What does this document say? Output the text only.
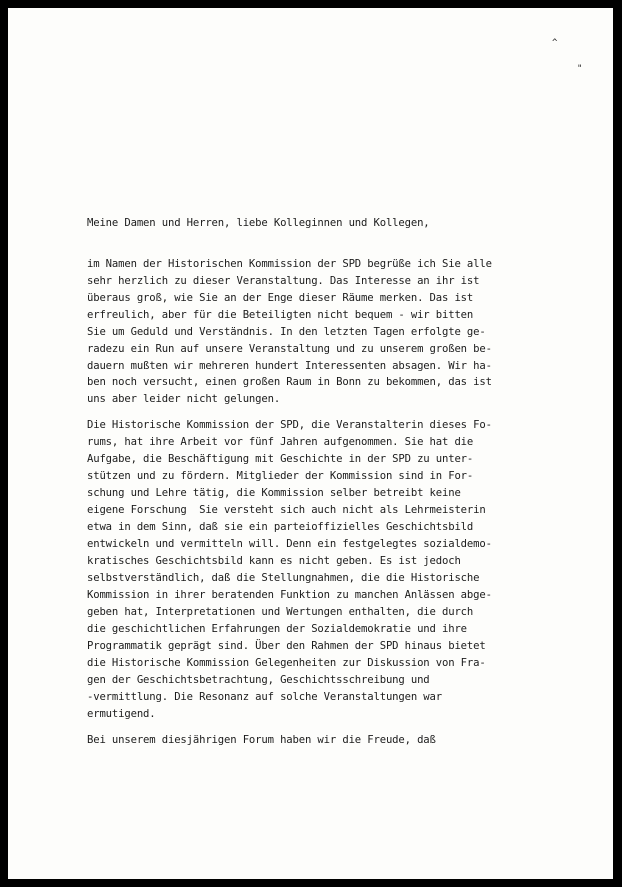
^
"
Meine Damen und Herren, liebe Kolleginnen und Kollegen,
im Namen der Historischen Kommission der SPD begrüße ich Sie alle
sehr herzlich zu dieser Veranstaltung. Das Interesse an ihr ist
überaus groß, wie Sie an der Enge dieser Räume merken. Das ist
erfreulich, aber für die Beteiligten nicht bequem - wir bitten
Sie um Geduld und Verständnis. In den letzten Tagen erfolgte ge-
radezu ein Run auf unsere Veranstaltung und zu unserem großen be-
dauern mußten wir mehreren hundert Interessenten absagen. Wir ha-
ben noch versucht, einen großen Raum in Bonn zu bekommen, das ist
uns aber leider nicht gelungen.
Die Historische Kommission der SPD, die Veranstalterin dieses Fo-
rums, hat ihre Arbeit vor fünf Jahren aufgenommen. Sie hat die
Aufgabe, die Beschäftigung mit Geschichte in der SPD zu unter-
stützen und zu fördern. Mitglieder der Kommission sind in For-
schung und Lehre tätig, die Kommission selber betreibt keine
eigene Forschung  Sie versteht sich auch nicht als Lehrmeisterin
etwa in dem Sinn, daß sie ein parteioffizielles Geschichtsbild
entwickeln und vermitteln will. Denn ein festgelegtes sozialdemo-
kratisches Geschichtsbild kann es nicht geben. Es ist jedoch
selbstverständlich, daß die Stellungnahmen, die die Historische
Kommission in ihrer beratenden Funktion zu manchen Anlässen abge-
geben hat, Interpretationen und Wertungen enthalten, die durch
die geschichtlichen Erfahrungen der Sozialdemokratie und ihre
Programmatik geprägt sind. Über den Rahmen der SPD hinaus bietet
die Historische Kommission Gelegenheiten zur Diskussion von Fra-
gen der Geschichtsbetrachtung, Geschichtsschreibung und
-vermittlung. Die Resonanz auf solche Veranstaltungen war
ermutigend.
Bei unserem diesjährigen Forum haben wir die Freude, daß
